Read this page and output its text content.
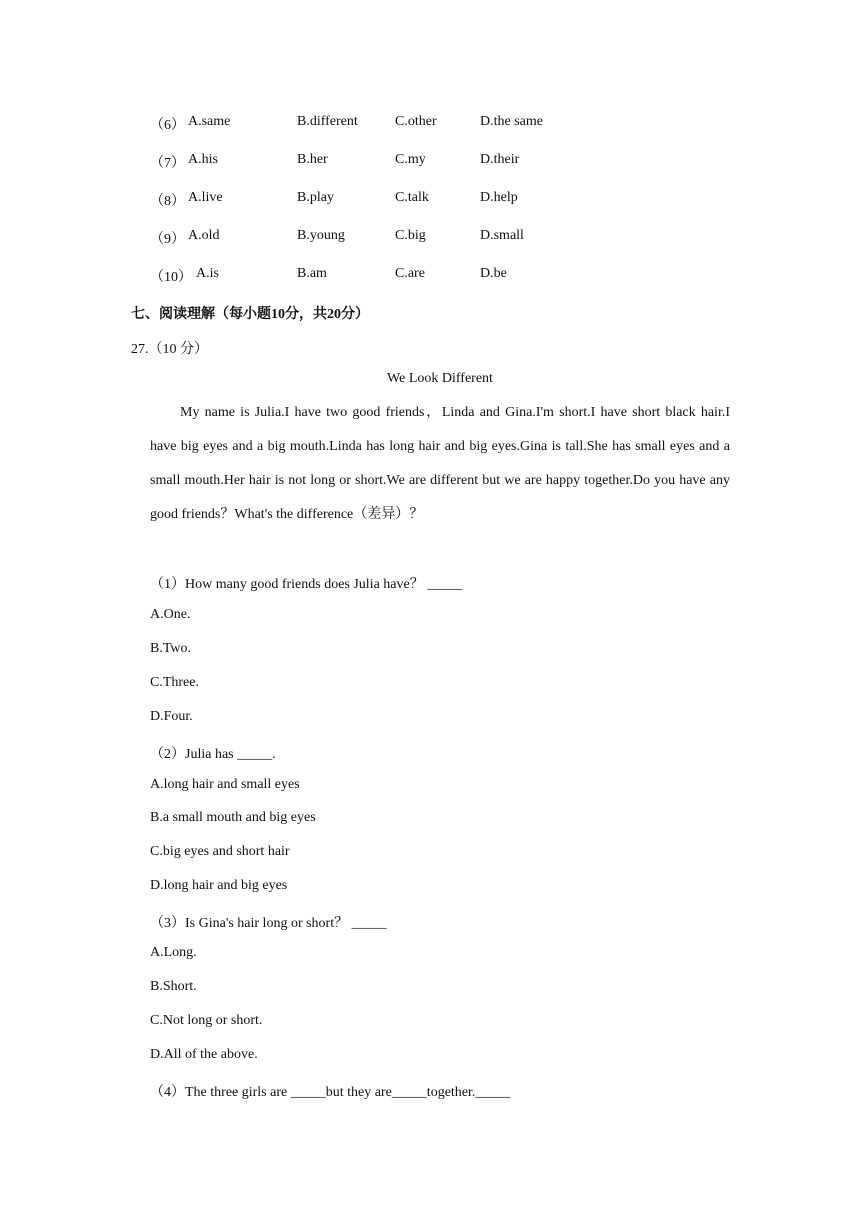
（6） A.same	B.different	C.other	D.the same
（7） A.his	B.her	C.my	D.their
（8） A.live	B.play	C.talk	D.help
（9） A.old	B.young	C.big	D.small
（10） A.is	B.am	C.are	D.be
七、阅读理解（每小题10分，共20分）
27.（10 分）
We Look Different
My name is Julia.I have two good friends，Linda and Gina.I'm short.I have short black hair.I have big eyes and a big mouth.Linda has long hair and big eyes.Gina is tall.She has small eyes and a small mouth.Her hair is not long or short.We are different but we are happy together.Do you have any good friends？What's the difference（差异）？
（1）How many good friends does Julia have？ _____
A.One.
B.Two.
C.Three.
D.Four.
（2）Julia has _____.
A.long hair and small eyes
B.a small mouth and big eyes
C.big eyes and short hair
D.long hair and big eyes
（3）Is Gina's hair long or short？ _____
A.Long.
B.Short.
C.Not long or short.
D.All of the above.
（4）The three girls are _____but they are_____together._____
